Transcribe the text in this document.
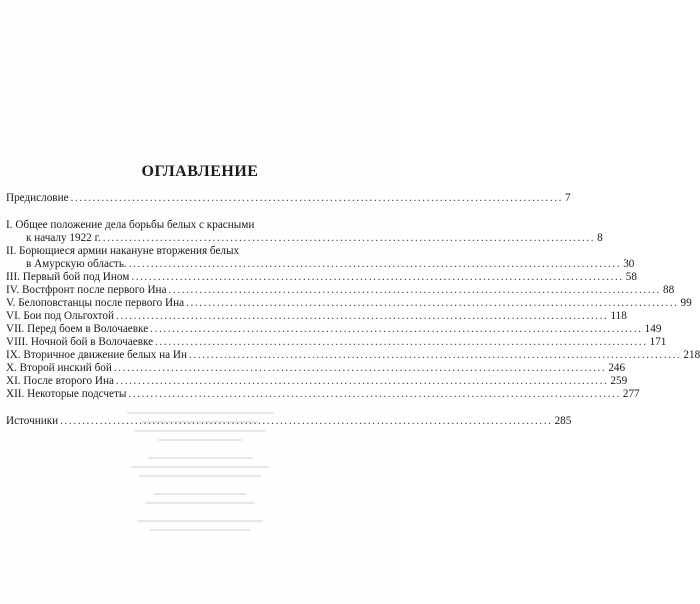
ОГЛАВЛЕНИЕ
Предисловие ................................................................................................................ 7
I. Общее положение дела борьбы белых с красными
к началу 1922 г. ................................................................................................................ 8
II. Борющиеся армии накануне вторжения белых
в Амурскую область. ................................................................................................................ 30
III. Первый бой под Ином ................................................................................................................ 58
IV. Востфронт после первого Ина ................................................................................................................ 88
V. Белоповстанцы после первого Ина ................................................................................................................ 99
VI. Бои под Ольгохтой ................................................................................................................ 118
VII. Перед боем в Волочаевке ................................................................................................................ 149
VIII. Ночной бой в Волочаевке ................................................................................................................ 171
IX. Вторичное движение белых на Ин ................................................................................................................ 218
X. Второй инский бой ................................................................................................................ 246
XI. После второго Ина ................................................................................................................ 259
XII. Некоторые подсчеты ................................................................................................................ 277
Источники ................................................................................................................ 285
